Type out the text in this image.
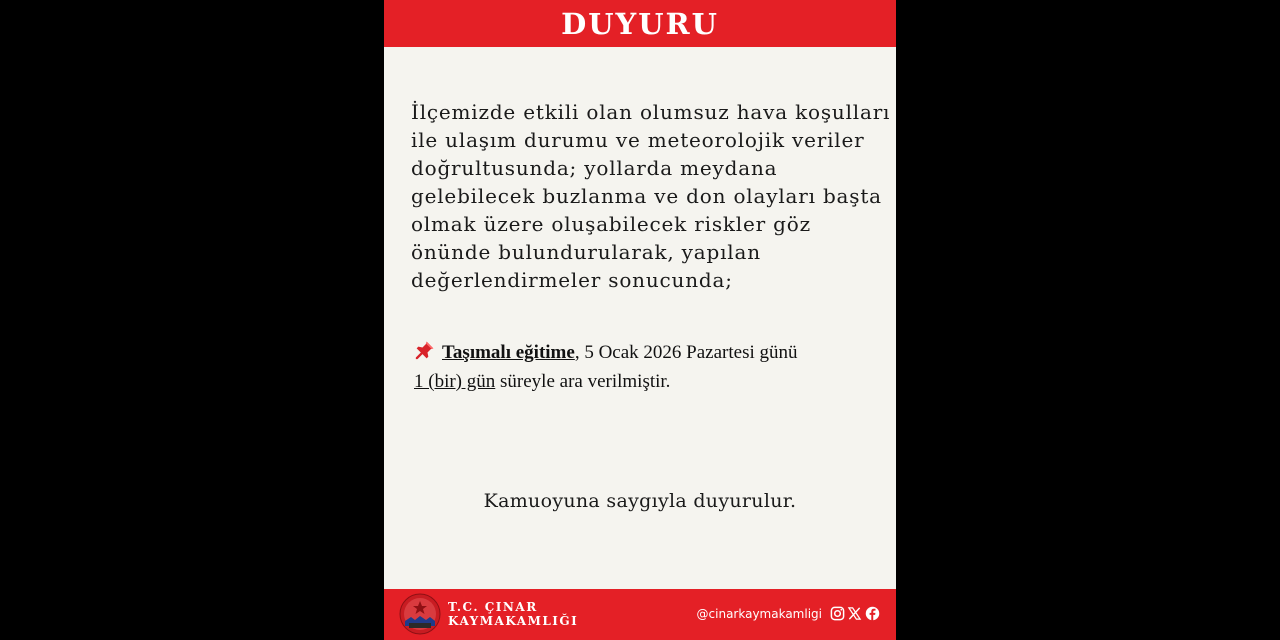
DUYURU
İlçemizde etkili olan olumsuz hava koşulları
ile ulaşım durumu ve meteorolojik veriler
doğrultusunda; yollarda meydana
gelebilecek buzlanma ve don olayları başta
olmak üzere oluşabilecek riskler göz
önünde bulundurularak, yapılan
değerlendirmeler sonucunda;
Taşımalı eğitime, 5 Ocak 2026 Pazartesi günü
1 (bir) gün süreyle ara verilmiştir.
Kamuoyuna saygıyla duyurulur.
T.C. ÇINAR
KAYMAKAMLIĞI	@cinarkaymakamligi
